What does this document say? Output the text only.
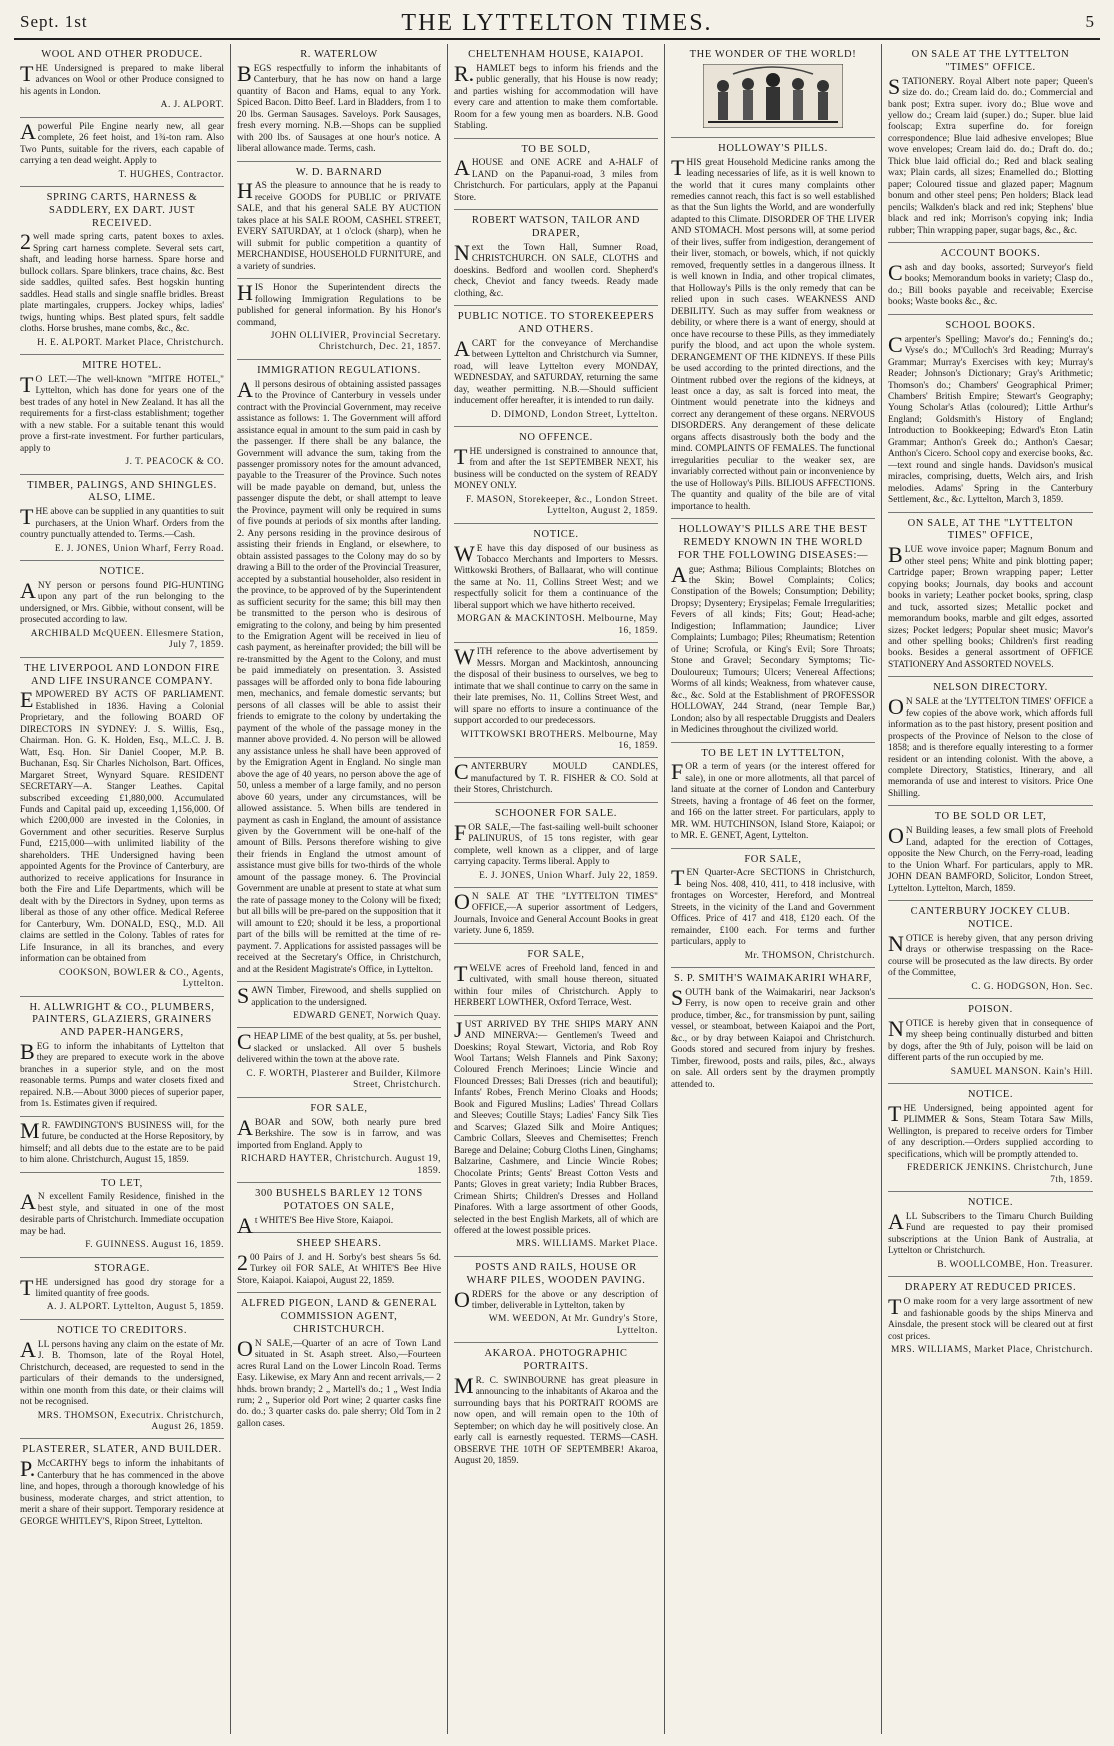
Sept. 1st	THE LYTTELTON TIMES.	5
WOOL AND OTHER PRODUCE.
THE Undersigned is prepared to make liberal advances on Wool or other Produce consigned to his agents in London.
A. J. ALPORT.
Apowerful Pile Engine nearly new, all gear complete, 26 feet hoist, and 1¾-ton ram. Also Two Punts, suitable for the rivers, each capable of carrying a ten dead weight. Apply to
T. HUGHES, Contractor.
SPRING CARTS, HARNESS & SADDLERY, EX DART. JUST RECEIVED.
2well made spring carts, patent boxes to axles. Spring cart harness complete. Several sets cart, shaft, and leading horse harness. Spare horse and bullock collars. Spare blinkers, trace chains, &c. Best side saddles, quilted safes. Best hogskin hunting saddles. Head stalls and single snaffle bridles. Breast plate martingales, cruppers. Jockey whips, ladies' twigs, hunting whips. Best plated spurs, felt saddle cloths. Horse brushes, mane combs, &c., &c.
H. E. ALPORT. Market Place, Christchurch.
MITRE HOTEL.
TO LET.—The well-known "MITRE HOTEL," Lyttelton, which has done for years one of the best trades of any hotel in New Zealand. It has all the requirements for a first-class establishment; together with a new stable. For a suitable tenant this would prove a first-rate investment. For further particulars, apply to
J. T. PEACOCK & CO.
TIMBER, PALINGS, AND SHINGLES. ALSO, LIME.
THE above can be supplied in any quantities to suit purchasers, at the Union Wharf. Orders from the country punctually attended to. Terms.—Cash.
E. J. JONES, Union Wharf, Ferry Road.
NOTICE.
ANY person or persons found PIG-HUNTING upon any part of the run belonging to the undersigned, or Mrs. Gibbie, without consent, will be prosecuted according to law.
ARCHIBALD McQUEEN. Ellesmere Station, July 7, 1859.
THE LIVERPOOL AND LONDON FIRE AND LIFE INSURANCE COMPANY.
EMPOWERED BY ACTS OF PARLIAMENT. Established in 1836. Having a Colonial Proprietary, and the following BOARD OF DIRECTORS IN SYDNEY: J. S. Willis, Esq., Chairman. Hon. G. K. Holden, Esq., M.L.C. J. B. Watt, Esq. Hon. Sir Daniel Cooper, M.P. B. Buchanan, Esq. Sir Charles Nicholson, Bart. Offices, Margaret Street, Wynyard Square. RESIDENT SECRETARY—A. Stanger Leathes. Capital subscribed exceeding £1,880,000. Accumulated Funds and Capital paid up, exceeding 1,156,000. Of which £200,000 are invested in the Colonies, in Government and other securities. Reserve Surplus Fund, £215,000—with unlimited liability of the shareholders. THE Undersigned having been appointed Agents for the Province of Canterbury, are authorized to receive applications for Insurance in both the Fire and Life Departments, which will be dealt with by the Directors in Sydney, upon terms as liberal as those of any other office. Medical Referee for Canterbury, Wm. DONALD, ESQ., M.D. All claims are settled in the Colony. Tables of rates for Life Insurance, in all its branches, and every information can be obtained from
COOKSON, BOWLER & CO., Agents, Lyttelton.
H. ALLWRIGHT & CO., PLUMBERS, PAINTERS, GLAZIERS, GRAINERS AND PAPER-HANGERS,
BEG to inform the inhabitants of Lyttelton that they are prepared to execute work in the above branches in a superior style, and on the most reasonable terms. Pumps and water closets fixed and repaired. N.B.—About 3000 pieces of superior paper, from 1s. Estimates given if required.
MR. FAWDINGTON'S BUSINESS will, for the future, be conducted at the Horse Repository, by himself; and all debts due to the estate are to be paid to him alone. Christchurch, August 15, 1859.
TO LET,
AN excellent Family Residence, finished in the best style, and situated in one of the most desirable parts of Christchurch. Immediate occupation may be had.
F. GUINNESS. August 16, 1859.
STORAGE.
THE undersigned has good dry storage for a limited quantity of free goods.
A. J. ALPORT. Lyttelton, August 5, 1859.
NOTICE TO CREDITORS.
ALL persons having any claim on the estate of Mr. J. B. Thomson, late of the Royal Hotel, Christchurch, deceased, are requested to send in the particulars of their demands to the undersigned, within one month from this date, or their claims will not be recognised.
MRS. THOMSON, Executrix. Christchurch, August 26, 1859.
PLASTERER, SLATER, AND BUILDER.
P.McCARTHY begs to inform the inhabitants of Canterbury that he has commenced in the above line, and hopes, through a thorough knowledge of his business, moderate charges, and strict attention, to merit a share of their support. Temporary residence at GEORGE WHITLEY'S, Ripon Street, Lyttelton.
R. WATERLOW
BEGS respectfully to inform the inhabitants of Canterbury, that he has now on hand a large quantity of Bacon and Hams, equal to any York. Spiced Bacon. Ditto Beef. Lard in Bladders, from 1 to 20 lbs. German Sausages. Saveloys. Pork Sausages, fresh every morning. N.B.—Shops can be supplied with 200 lbs. of Sausages at one hour's notice. A liberal allowance made. Terms, cash.
W. D. BARNARD
HAS the pleasure to announce that he is ready to receive GOODS for PUBLIC or PRIVATE SALE, and that his general SALE BY AUCTION takes place at his SALE ROOM, CASHEL STREET, EVERY SATURDAY, at 1 o'clock (sharp), when he will submit for public competition a quantity of MERCHANDISE, HOUSEHOLD FURNITURE, and a variety of sundries.
HIS Honor the Superintendent directs the following Immigration Regulations to be published for general information. By his Honor's command,
JOHN OLLIVIER, Provincial Secretary. Christchurch, Dec. 21, 1857.
IMMIGRATION REGULATIONS.
All persons desirous of obtaining assisted passages to the Province of Canterbury in vessels under contract with the Provincial Government, may receive assistance as follows: 1. The Government will afford assistance equal in amount to the sum paid in cash by the passenger. If there shall be any balance, the Government will advance the sum, taking from the passenger promissory notes for the amount advanced, payable to the Treasurer of the Province. Such notes will be made payable on demand, but, unless the passenger dispute the debt, or shall attempt to leave the Province, payment will only be required in sums of five pounds at periods of six months after landing. 2. Any persons residing in the province desirous of assisting their friends in England, or elsewhere, to obtain assisted passages to the Colony may do so by drawing a Bill to the order of the Provincial Treasurer, accepted by a substantial householder, also resident in the province, to be approved of by the Superintendent as sufficient security for the same; this bill may then be transmitted to the person who is desirous of emigrating to the colony, and being by him presented to the Emigration Agent will be received in lieu of cash payment, as hereinafter provided; the bill will be re-transmitted by the Agent to the Colony, and must be paid immediately on presentation. 3. Assisted passages will be afforded only to bona fide labouring men, mechanics, and female domestic servants; but persons of all classes will be able to assist their friends to emigrate to the colony by undertaking the payment of the whole of the passage money in the manner above provided. 4. No person will be allowed any assistance unless he shall have been approved of by the Emigration Agent in England. No single man above the age of 40 years, no person above the age of 50, unless a member of a large family, and no person above 60 years, under any circumstances, will be allowed assistance. 5. When bills are tendered in payment as cash in England, the amount of assistance given by the Government will be one-half of the amount of Bills. Persons therefore wishing to give their friends in England the utmost amount of assistance must give bills for two-thirds of the whole amount of the passage money. 6. The Provincial Government are unable at present to state at what sum the rate of passage money to the Colony will be fixed; but all bills will be pre-pared on the supposition that it will amount to £20; should it be less, a proportional part of the bills will be remitted at the time of re-payment. 7. Applications for assisted passages will be received at the Secretary's Office, in Christchurch, and at the Resident Magistrate's Office, in Lyttelton.
SAWN Timber, Firewood, and shells supplied on application to the undersigned.
EDWARD GENET, Norwich Quay.
CHEAP LIME of the best quality, at 5s. per bushel, slacked or unslacked. All over 5 bushels delivered within the town at the above rate.
C. F. WORTH, Plasterer and Builder, Kilmore Street, Christchurch.
FOR SALE,
ABOAR and SOW, both nearly pure bred Berkshire. The sow is in farrow, and was imported from England. Apply to
RICHARD HAYTER, Christchurch. August 19, 1859.
300 BUSHELS BARLEY 12 TONS POTATOES ON SALE,
At WHITE'S Bee Hive Store, Kaiapoi.
SHEEP SHEARS.
200 Pairs of J. and H. Sorby's best shears 5s 6d. Turkey oil FOR SALE, At WHITE'S Bee Hive Store, Kaiapoi. Kaiapoi, August 22, 1859.
ALFRED PIGEON, LAND & GENERAL COMMISSION AGENT, CHRISTCHURCH.
ON SALE,—Quarter of an acre of Town Land situated in St. Asaph street. Also,—Fourteen acres Rural Land on the Lower Lincoln Road. Terms Easy. Likewise, ex Mary Ann and recent arrivals,— 2 hhds. brown brandy; 2 „ Martell's do.; 1 „ West India rum; 2 „ Superior old Port wine; 2 quarter casks fine do. do.; 3 quarter casks do. pale sherry; Old Tom in 2 gallon cases.
CHELTENHAM HOUSE, KAIAPOI.
R.HAMLET begs to inform his friends and the public generally, that his House is now ready; and parties wishing for accommodation will have every care and attention to make them comfortable. Room for a few young men as boarders. N.B. Good Stabling.
TO BE SOLD,
AHOUSE and ONE ACRE and A-HALF of LAND on the Papanui-road, 3 miles from Christchurch. For particulars, apply at the Papanui Store.
ROBERT WATSON, TAILOR AND DRAPER,
Next the Town Hall, Sumner Road, CHRISTCHURCH. ON SALE, CLOTHS and doeskins. Bedford and woollen cord. Shepherd's check, Cheviot and fancy tweeds. Ready made clothing, &c.
PUBLIC NOTICE. TO STOREKEEPERS AND OTHERS.
ACART for the conveyance of Merchandise between Lyttelton and Christchurch via Sumner, road, will leave Lyttelton every MONDAY, WEDNESDAY, and SATURDAY, returning the same day, weather permitting. N.B.—Should sufficient inducement offer hereafter, it is intended to run daily.
D. DIMOND, London Street, Lyttelton.
NO OFFENCE.
THE undersigned is constrained to announce that, from and after the 1st SEPTEMBER NEXT, his business will be conducted on the system of READY MONEY ONLY.
F. MASON, Storekeeper, &c., London Street. Lyttelton, August 2, 1859.
NOTICE.
WE have this day disposed of our business as Tobacco Merchants and Importers to Messrs. Wittkowski Brothers, of Ballaarat, who will continue the same at No. 11, Collins Street West; and we respectfully solicit for them a continuance of the liberal support which we have hitherto received.
MORGAN & MACKINTOSH. Melbourne, May 16, 1859.
WITH reference to the above advertisement by Messrs. Morgan and Mackintosh, announcing the disposal of their business to ourselves, we beg to intimate that we shall continue to carry on the same in their late premises, No. 11, Collins Street West, and will spare no efforts to insure a continuance of the support accorded to our predecessors.
WITTKOWSKI BROTHERS. Melbourne, May 16, 1859.
CANTERBURY MOULD CANDLES, manufactured by T. R. FISHER & CO. Sold at their Stores, Christchurch.
SCHOONER FOR SALE.
FOR SALE,—The fast-sailing well-built schooner PALINURUS, of 15 tons register, with gear complete, well known as a clipper, and of large carrying capacity. Terms liberal. Apply to
E. J. JONES, Union Wharf. July 22, 1859.
ON SALE AT THE "LYTTELTON TIMES" OFFICE,—A superior assortment of Ledgers, Journals, Invoice and General Account Books in great variety. June 6, 1859.
FOR SALE,
TWELVE acres of Freehold land, fenced in and cultivated, with small house thereon, situated within four miles of Christchurch. Apply to HERBERT LOWTHER, Oxford Terrace, West.
JUST ARRIVED BY THE SHIPS MARY ANN AND MINERVA:— Gentlemen's Tweed and Doeskins; Royal Stewart, Victoria, and Rob Roy Wool Tartans; Welsh Flannels and Pink Saxony; Coloured French Merinoes; Lincie Wincie and Flounced Dresses; Bali Dresses (rich and beautiful); Infants' Robes, French Merino Cloaks and Hoods; Book and Figured Muslins; Ladies' Thread Collars and Sleeves; Coutille Stays; Ladies' Fancy Silk Ties and Scarves; Glazed Silk and Moire Antiques; Cambric Collars, Sleeves and Chemisettes; French Barege and Delaine; Coburg Cloths Linen, Ginghams; Balzarine, Cashmere, and Lincie Wincie Robes; Chocolate Prints; Gents' Breast Cotton Vests and Pants; Gloves in great variety; India Rubber Braces, Crimean Shirts; Children's Dresses and Holland Pinafores. With a large assortment of other Goods, selected in the best English Markets, all of which are offered at the lowest possible prices.
MRS. WILLIAMS. Market Place.
POSTS AND RAILS, HOUSE OR WHARF PILES, WOODEN PAVING.
ORDERS for the above or any description of timber, deliverable in Lyttelton, taken by
WM. WEEDON, At Mr. Gundry's Store, Lyttelton.
AKAROA. PHOTOGRAPHIC PORTRAITS.
MR. C. SWINBOURNE has great pleasure in announcing to the inhabitants of Akaroa and the surrounding bays that his PORTRAIT ROOMS are now open, and will remain open to the 10th of September; on which day he will positively close. An early call is earnestly requested. TERMS—CASH. OBSERVE THE 10TH OF SEPTEMBER! Akaroa, August 20, 1859.
THE WONDER OF THE WORLD!
HOLLOWAY'S PILLS.
THIS great Household Medicine ranks among the leading necessaries of life, as it is well known to the world that it cures many complaints other remedies cannot reach, this fact is so well established as that the Sun lights the World, and are wonderfully adapted to this Climate. DISORDER OF THE LIVER AND STOMACH. Most persons will, at some period of their lives, suffer from indigestion, derangement of their liver, stomach, or bowels, which, if not quickly removed, frequently settles in a dangerous illness. It is well known in India, and other tropical climates, that Holloway's Pills is the only remedy that can be relied upon in such cases. WEAKNESS AND DEBILITY. Such as may suffer from weakness or debility, or where there is a want of energy, should at once have recourse to these Pills, as they immediately purify the blood, and act upon the whole system. DERANGEMENT OF THE KIDNEYS. If these Pills be used according to the printed directions, and the Ointment rubbed over the regions of the kidneys, at least once a day, as salt is forced into meat, the Ointment would penetrate into the kidneys and correct any derangement of these organs. NERVOUS DISORDERS. Any derangement of these delicate organs affects disastrously both the body and the mind. COMPLAINTS OF FEMALES. The functional irregularities peculiar to the weaker sex, are invariably corrected without pain or inconvenience by the use of Holloway's Pills. BILIOUS AFFECTIONS. The quantity and quality of the bile are of vital importance to health.
HOLLOWAY'S PILLS ARE THE BEST REMEDY KNOWN IN THE WORLD FOR THE FOLLOWING DISEASES:—
Ague; Asthma; Bilious Complaints; Blotches on the Skin; Bowel Complaints; Colics; Constipation of the Bowels; Consumption; Debility; Dropsy; Dysentery; Erysipelas; Female Irregularities; Fevers of all kinds; Fits; Gout; Head-ache; Indigestion; Inflammation; Jaundice; Liver Complaints; Lumbago; Piles; Rheumatism; Retention of Urine; Scrofula, or King's Evil; Sore Throats; Stone and Gravel; Secondary Symptoms; Tic-Douloureux; Tumours; Ulcers; Venereal Affections; Worms of all kinds; Weakness, from whatever cause, &c., &c. Sold at the Establishment of PROFESSOR HOLLOWAY, 244 Strand, (near Temple Bar,) London; also by all respectable Druggists and Dealers in Medicines throughout the civilized world.
TO BE LET IN LYTTELTON,
FOR a term of years (or the interest offered for sale), in one or more allotments, all that parcel of land situate at the corner of London and Canterbury Streets, having a frontage of 46 feet on the former, and 166 on the latter street. For particulars, apply to MR. WM. HUTCHINSON, Island Store, Kaiapoi; or to MR. E. GENET, Agent, Lyttelton.
FOR SALE,
TEN Quarter-Acre SECTIONS in Christchurch, being Nos. 408, 410, 411, to 418 inclusive, with frontages on Worcester, Hereford, and Montreal Streets, in the vicinity of the Land and Government Offices. Price of 417 and 418, £120 each. Of the remainder, £100 each. For terms and further particulars, apply to
Mr. THOMSON, Christchurch.
S. P. SMITH'S WAIMAKARIRI WHARF,
SOUTH bank of the Waimakariri, near Jackson's Ferry, is now open to receive grain and other produce, timber, &c., for transmission by punt, sailing vessel, or steamboat, between Kaiapoi and the Port, &c., or by dray between Kaiapoi and Christchurch. Goods stored and secured from injury by freshes. Timber, firewood, posts and rails, piles, &c., always on sale. All orders sent by the draymen promptly attended to.
ON SALE AT THE LYTTELTON "TIMES" OFFICE.
STATIONERY. Royal Albert note paper; Queen's size do. do.; Cream laid do. do.; Commercial and bank post; Extra super. ivory do.; Blue wove and yellow do.; Cream laid (super.) do.; Super. blue laid foolscap; Extra superfine do. for foreign correspondence; Blue laid adhesive envelopes; Blue wove envelopes; Cream laid do. do.; Draft do. do.; Thick blue laid official do.; Red and black sealing wax; Plain cards, all sizes; Enamelled do.; Blotting paper; Coloured tissue and glazed paper; Magnum bonum and other steel pens; Pen holders; Black lead pencils; Walkden's black and red ink; Stephens' blue black and red ink; Morrison's copying ink; India rubber; Thin wrapping paper, sugar bags, &c., &c.
ACCOUNT BOOKS.
Cash and day books, assorted; Surveyor's field books; Memorandum books in variety; Clasp do., do.; Bill books payable and receivable; Exercise books; Waste books &c., &c.
SCHOOL BOOKS.
Carpenter's Spelling; Mavor's do.; Fenning's do.; Vyse's do.; M'Culloch's 3rd Reading; Murray's Grammar; Murray's Exercises with key; Murray's Reader; Johnson's Dictionary; Gray's Arithmetic; Thomson's do.; Chambers' Geographical Primer; Chambers' British Empire; Stewart's Geography; Young Scholar's Atlas (coloured); Little Arthur's England; Goldsmith's History of England; Introduction to Bookkeeping; Edward's Eton Latin Grammar; Anthon's Greek do.; Anthon's Caesar; Anthon's Cicero. School copy and exercise books, &c.—text round and single hands. Davidson's musical miracles, comprising, duetts, Welch airs, and Irish melodies. Adams' Spring in the Canterbury Settlement, &c., &c. Lyttelton, March 3, 1859.
ON SALE, AT THE "LYTTELTON TIMES" OFFICE,
BLUE wove invoice paper; Magnum Bonum and other steel pens; White and pink blotting paper; Cartridge paper; Brown wrapping paper; Letter copying books; Journals, day books and account books in variety; Leather pocket books, spring, clasp and tuck, assorted sizes; Metallic pocket and memorandum books, marble and gilt edges, assorted sizes; Pocket ledgers; Popular sheet music; Mavor's and other spelling books; Children's first reading books. Besides a general assortment of OFFICE STATIONERY And ASSORTED NOVELS.
NELSON DIRECTORY.
ON SALE at the 'LYTTELTON TIMES' OFFICE a few copies of the above work, which affords full information as to the past history, present position and prospects of the Province of Nelson to the close of 1858; and is therefore equally interesting to a former resident or an intending colonist. With the above, a complete Directory, Statistics, Itinerary, and all memoranda of use and interest to visitors. Price One Shilling.
TO BE SOLD OR LET,
ON Building leases, a few small plots of Freehold Land, adapted for the erection of Cottages, opposite the New Church, on the Ferry-road, leading to the Union Wharf. For particulars, apply to MR. JOHN DEAN BAMFORD, Solicitor, London Street, Lyttelton. Lyttelton, March, 1859.
CANTERBURY JOCKEY CLUB. NOTICE.
NOTICE is hereby given, that any person driving drays or otherwise trespassing on the Race-course will be prosecuted as the law directs. By order of the Committee,
C. G. HODGSON, Hon. Sec.
POISON.
NOTICE is hereby given that in consequence of my sheep being continually disturbed and bitten by dogs, after the 9th of July, poison will be laid on different parts of the run occupied by me.
SAMUEL MANSON. Kain's Hill.
NOTICE.
THE Undersigned, being appointed agent for PLIMMER & Sons, Steam Totara Saw Mills, Wellington, is prepared to receive orders for Timber of any description.—Orders supplied according to specifications, which will be promptly attended to.
FREDERICK JENKINS. Christchurch, June 7th, 1859.
NOTICE.
ALL Subscribers to the Timaru Church Building Fund are requested to pay their promised subscriptions at the Union Bank of Australia, at Lyttelton or Christchurch.
B. WOOLLCOMBE, Hon. Treasurer.
DRAPERY AT REDUCED PRICES.
TO make room for a very large assortment of new and fashionable goods by the ships Minerva and Ainsdale, the present stock will be cleared out at first cost prices.
MRS. WILLIAMS, Market Place, Christchurch.
